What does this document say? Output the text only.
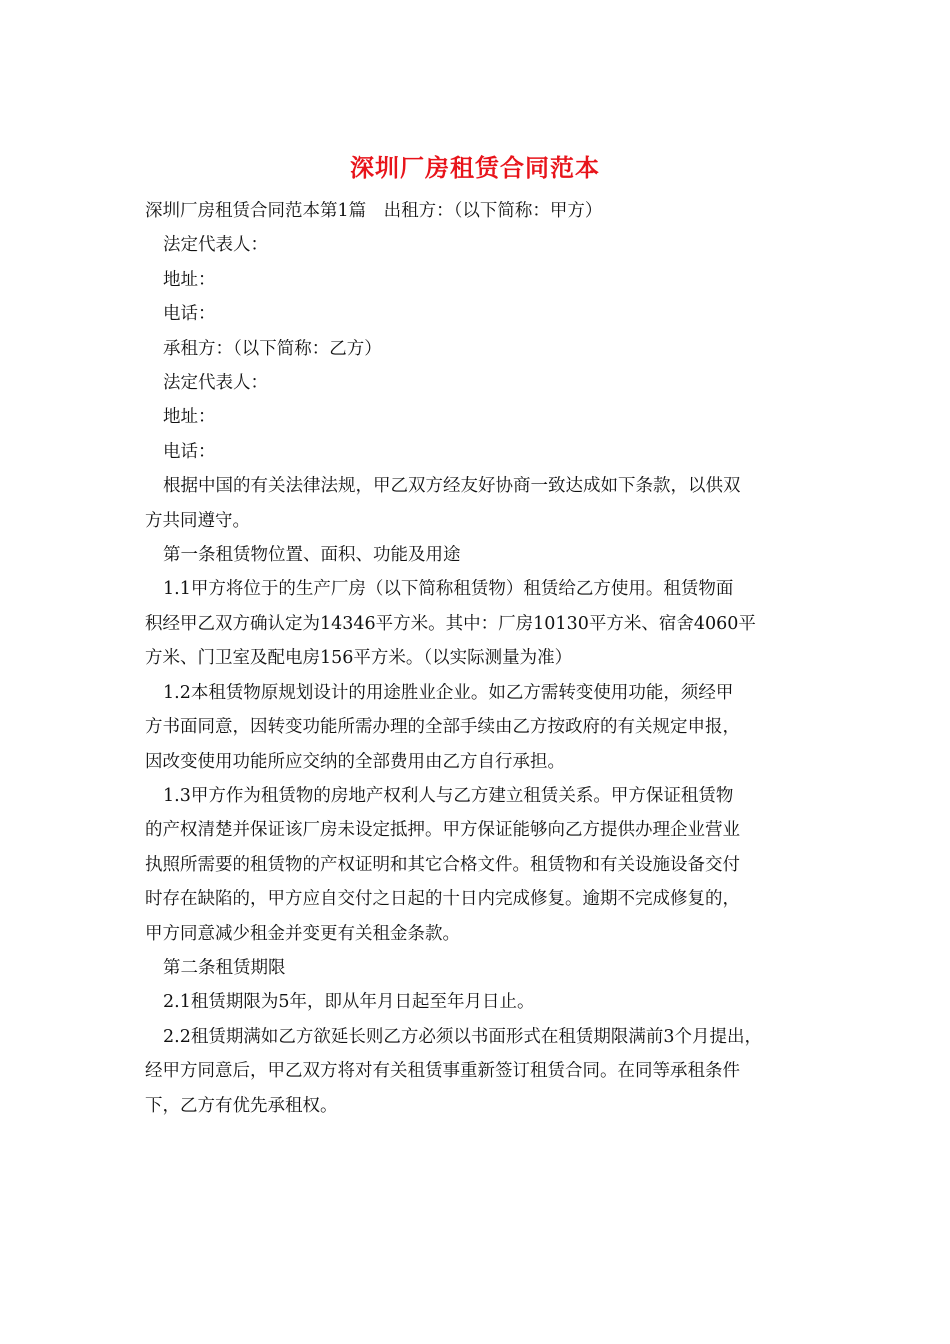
深圳厂房租赁合同范本

深圳厂房租赁合同范本第1篇　出租方：（以下简称：甲方）

法定代表人：

地址：

电话：

承租方：（以下简称：乙方）

法定代表人：

地址：

电话：

根据中国的有关法律法规，甲乙双方经友好协商一致达成如下条款，以供双

方共同遵守。

第一条租赁物位置、面积、功能及用途

1.1甲方将位于的生产厂房（以下简称租赁物）租赁给乙方使用。租赁物面

积经甲乙双方确认定为14346平方米。其中：厂房10130平方米、宿舍4060平

方米、门卫室及配电房156平方米。（以实际测量为准）

1.2本租赁物原规划设计的用途胜业企业。如乙方需转变使用功能，须经甲

方书面同意，因转变功能所需办理的全部手续由乙方按政府的有关规定申报，

因改变使用功能所应交纳的全部费用由乙方自行承担。

1.3甲方作为租赁物的房地产权利人与乙方建立租赁关系。甲方保证租赁物

的产权清楚并保证该厂房未设定抵押。甲方保证能够向乙方提供办理企业营业

执照所需要的租赁物的产权证明和其它合格文件。租赁物和有关设施设备交付

时存在缺陷的，甲方应自交付之日起的十日内完成修复。逾期不完成修复的，

甲方同意减少租金并变更有关租金条款。

第二条租赁期限

2.1租赁期限为5年，即从年月日起至年月日止。

2.2租赁期满如乙方欲延长则乙方必须以书面形式在租赁期限满前3个月提出，

经甲方同意后，甲乙双方将对有关租赁事重新签订租赁合同。在同等承租条件

下，乙方有优先承租权。
